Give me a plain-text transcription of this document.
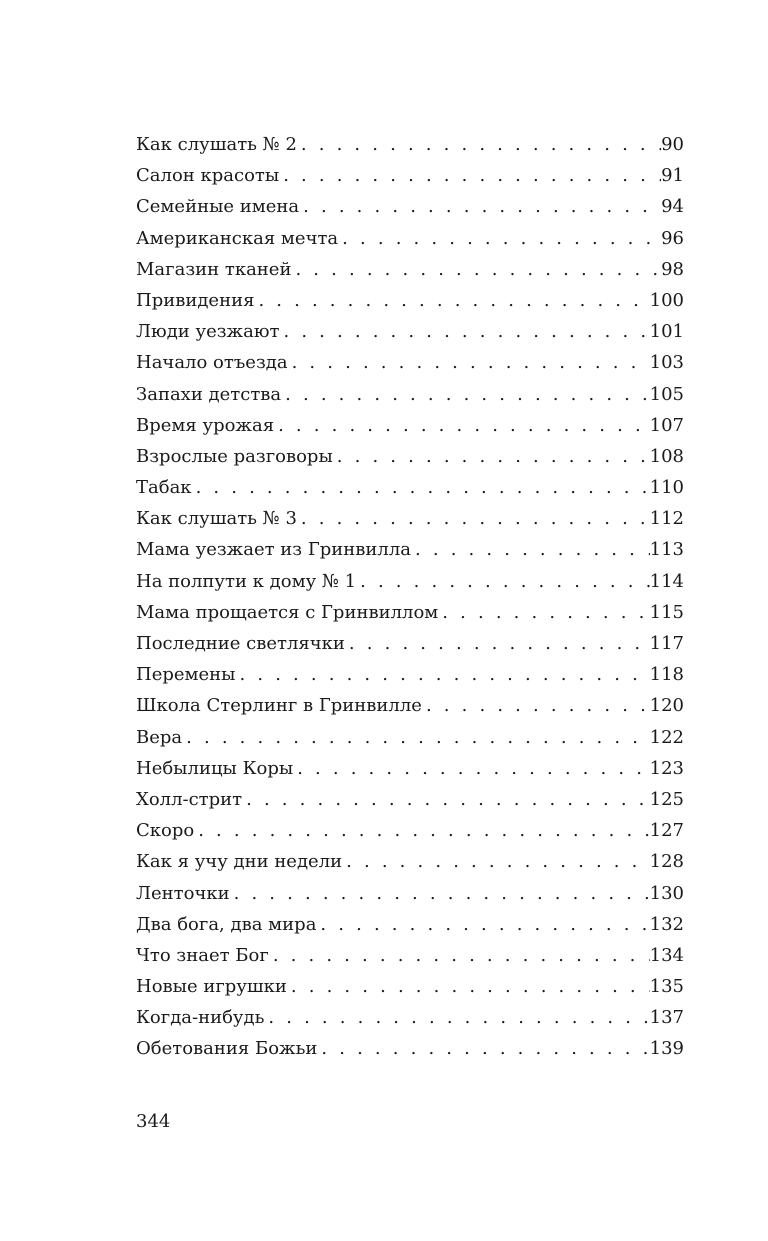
Как слушать № 2 . . .	90
Салон красоты . . .	91
Семейные имена . . .	94
Американская мечта . . .	96
Магазин тканей . . .	98
Привидения . . .	100
Люди уезжают . . .	101
Начало отъезда . . .	103
Запахи детства . . .	105
Время урожая . . .	107
Взрослые разговоры . . .	108
Табак . . .	110
Как слушать № 3 . . .	112
Мама уезжает из Гринвилла . . .	113
На полпути к дому № 1 . . .	114
Мама прощается с Гринвиллом . . .	115
Последние светлячки . . .	117
Перемены . . .	118
Школа Стерлинг в Гринвилле . . .	120
Вера . . .	122
Небылицы Коры . . .	123
Холл-стрит . . .	125
Скоро . . .	127
Как я учу дни недели . . .	128
Ленточки . . .	130
Два бога, два мира . . .	132
Что знает Бог . . .	134
Новые игрушки . . .	135
Когда-нибудь . . .	137
Обетования Божьи . . .	139
344
